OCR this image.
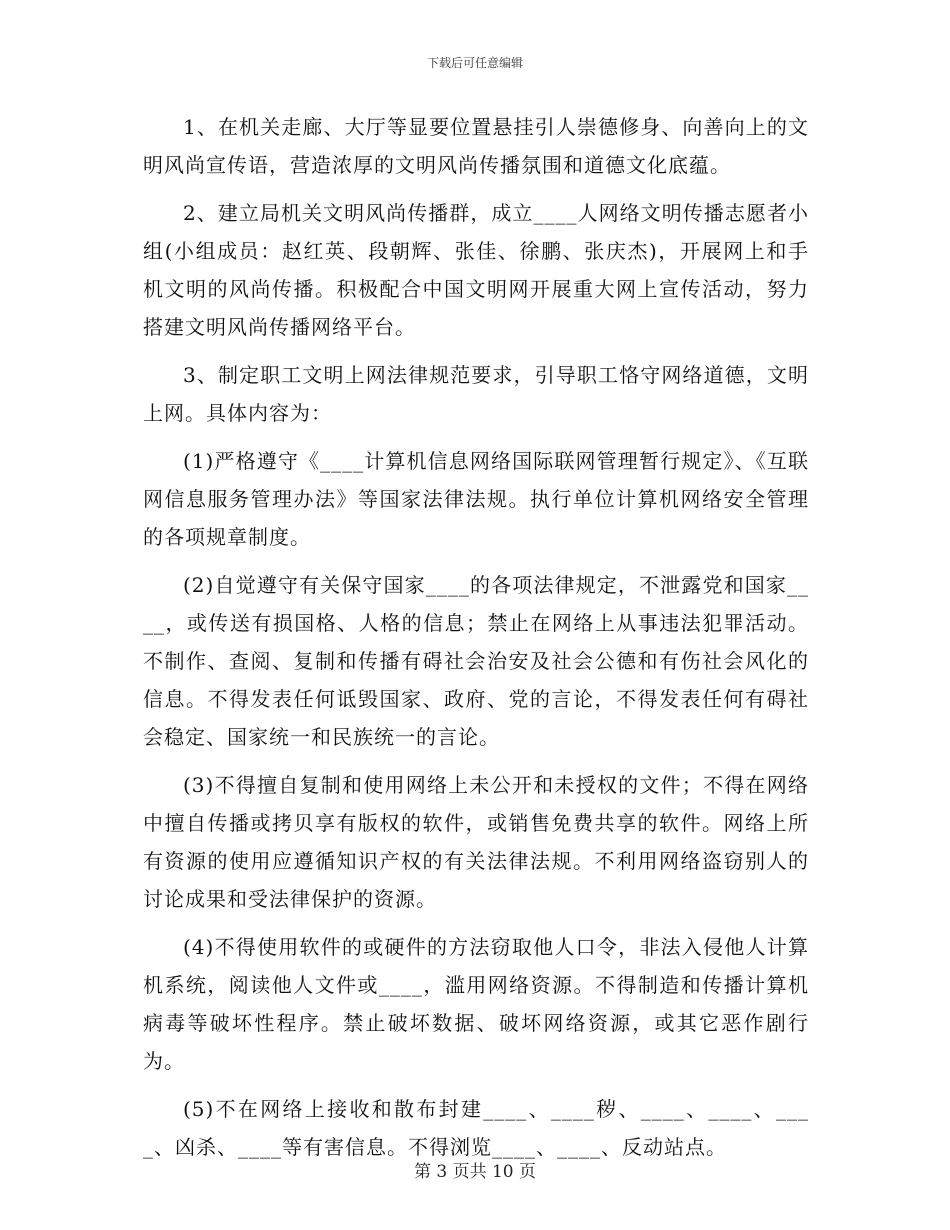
下载后可任意编辑

1、在机关走廊、大厅等显要位置悬挂引人崇德修身、向善向上的文明风尚宣传语，营造浓厚的文明风尚传播氛围和道德文化底蕴。

2、建立局机关文明风尚传播群，成立____人网络文明传播志愿者小组(小组成员：赵红英、段朝辉、张佳、徐鹏、张庆杰)，开展网上和手机文明的风尚传播。积极配合中国文明网开展重大网上宣传活动，努力搭建文明风尚传播网络平台。

3、制定职工文明上网法律规范要求，引导职工恪守网络道德，文明上网。具体内容为：

(1)严格遵守《____计算机信息网络国际联网管理暂行规定》、《互联网信息服务管理办法》等国家法律法规。执行单位计算机网络安全管理的各项规章制度。

(2)自觉遵守有关保守国家____的各项法律规定，不泄露党和国家____，或传送有损国格、人格的信息；禁止在网络上从事违法犯罪活动。不制作、查阅、复制和传播有碍社会治安及社会公德和有伤社会风化的信息。不得发表任何诋毁国家、政府、党的言论，不得发表任何有碍社会稳定、国家统一和民族统一的言论。

(3)不得擅自复制和使用网络上未公开和未授权的文件；不得在网络中擅自传播或拷贝享有版权的软件，或销售免费共享的软件。网络上所有资源的使用应遵循知识产权的有关法律法规。不利用网络盗窃别人的讨论成果和受法律保护的资源。

(4)不得使用软件的或硬件的方法窃取他人口令，非法入侵他人计算机系统，阅读他人文件或____，滥用网络资源。不得制造和传播计算机病毒等破坏性程序。禁止破坏数据、破坏网络资源，或其它恶作剧行为。

(5)不在网络上接收和散布封建____、____秽、____、____、____、凶杀、____等有害信息。不得浏览____、____、反动站点。

第 3 页共 10 页
